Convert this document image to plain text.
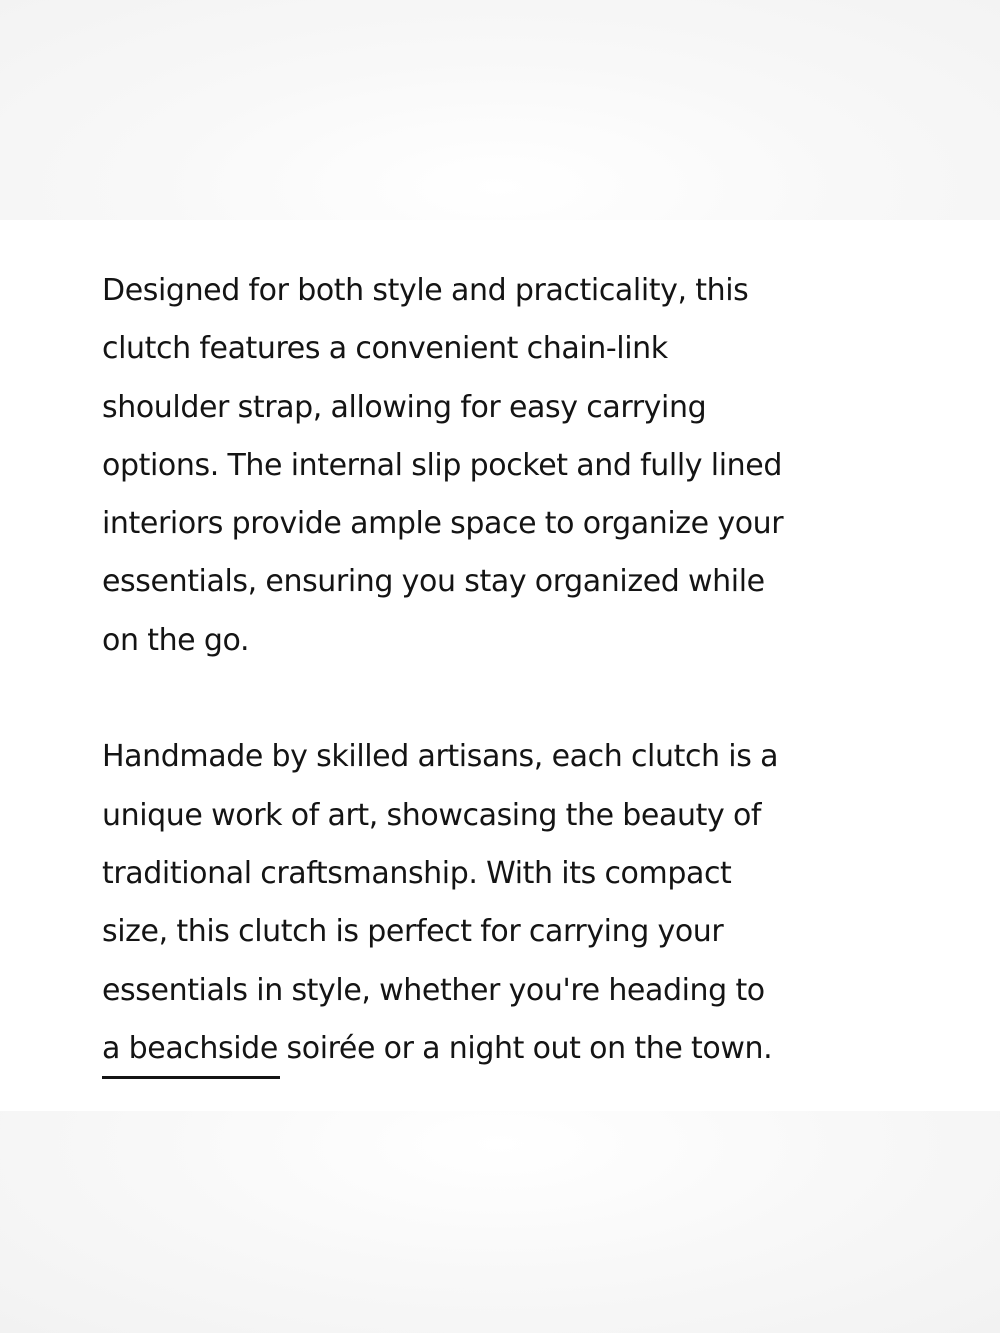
Designed for both style and practicality, this
clutch features a convenient chain-link
shoulder strap, allowing for easy carrying
options. The internal slip pocket and fully lined
interiors provide ample space to organize your
essentials, ensuring you stay organized while
on the go.

Handmade by skilled artisans, each clutch is a
unique work of art, showcasing the beauty of
traditional craftsmanship. With its compact
size, this clutch is perfect for carrying your
essentials in style, whether you're heading to
a beachside soirée or a night out on the town.
